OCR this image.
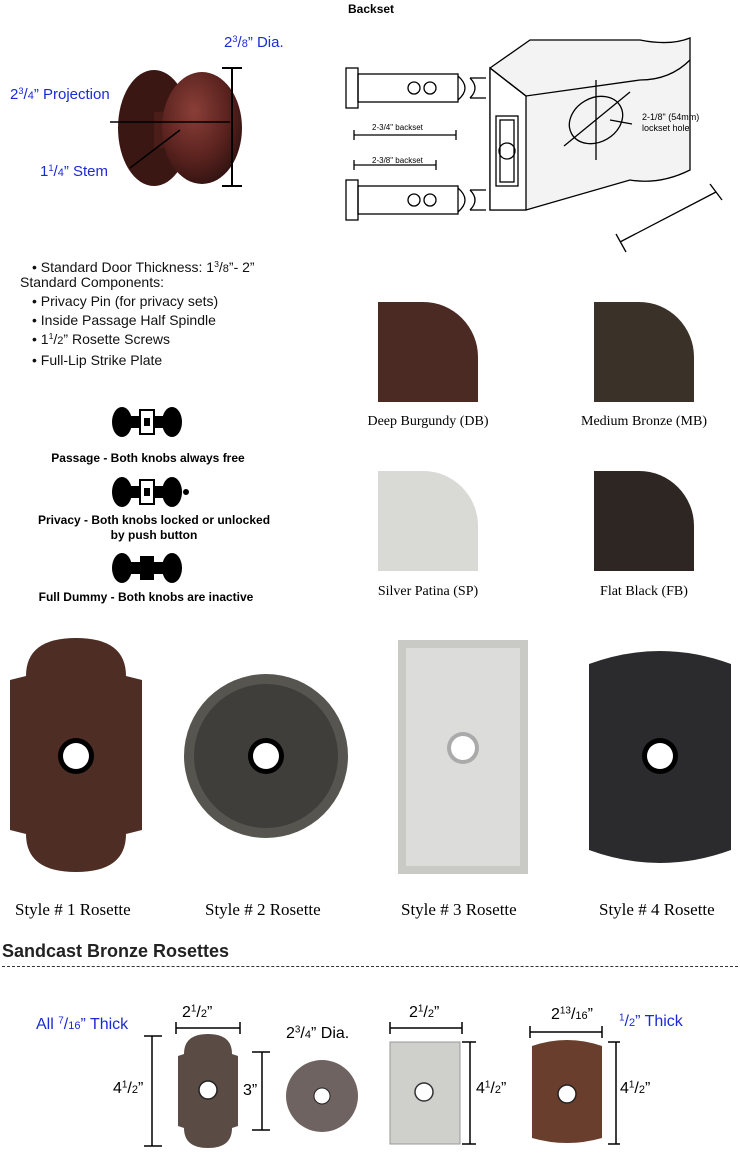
Backset
$2^3/8$” Dia.
$2^3/4$” Projection
$1^1/4$” Stem
2-3/4" backset
2-3/8" backset
2-1/8" (54mm)
lockset hole
• Standard Door Thickness: $1^3/8”-$ 2”
Standard Components:
• Privacy Pin (for privacy sets)
• Inside Passage Half Spindle
• $1^1/2$” Rosette Screws
• Full-Lip Strike Plate
Passage - Both knobs always free
Privacy - Both knobs locked or unlocked
by push button
Full Dummy - Both knobs are inactive
Deep Burgundy (DB)	Medium Bronze (MB)
Silver Patina (SP)	Flat Black (FB)
Style # 1 Rosette	Style # 2 Rosette	Style # 3 Rosette	Style # 4 Rosette
Sandcast Bronze Rosettes
All $^7$/16” Thick
$2^1/2$”
$4^1/2$”	3”
$2^3/4$” Dia.
$2^1/2$”
$4^1/2$”
$2^{13}/16$”	$^1$/2” Thick
$4^1/2$”
